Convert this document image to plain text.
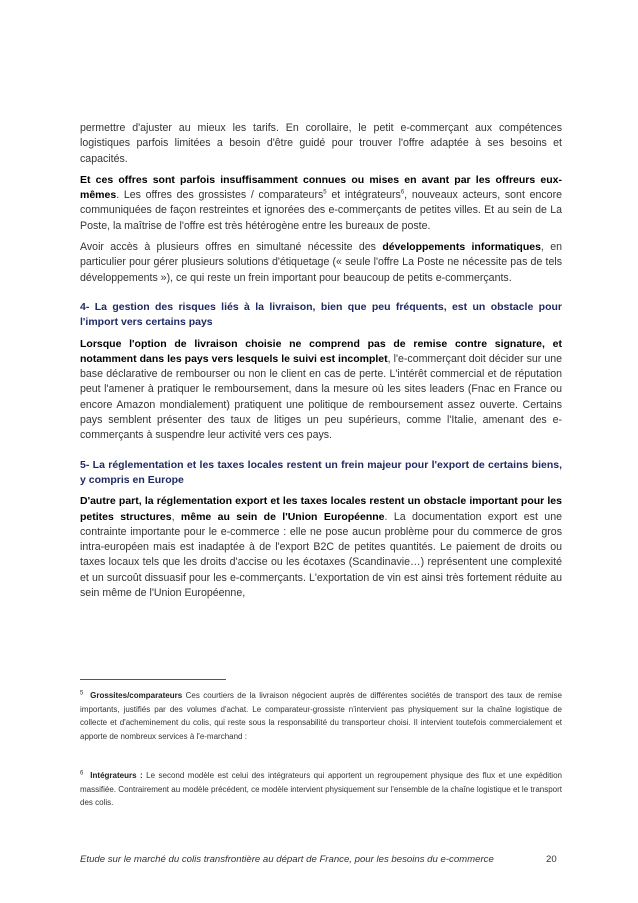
permettre d'ajuster au mieux les tarifs. En corollaire, le petit e-commerçant aux compétences logistiques parfois limitées a besoin d'être guidé pour trouver l'offre adaptée à ses besoins et capacités.

Et ces offres sont parfois insuffisamment connues ou mises en avant par les offreurs eux-mêmes. Les offres des grossistes / comparateurs$^5$ et intégrateurs$^6$, nouveaux acteurs, sont encore communiquées de façon restreintes et ignorées des e-commerçants de petites villes. Et au sein de La Poste, la maîtrise de l'offre est très hétérogène entre les bureaux de poste.

Avoir accès à plusieurs offres en simultané nécessite des développements informatiques, en particulier pour gérer plusieurs solutions d'étiquetage (« seule l'offre La Poste ne nécessite pas de tels développements »), ce qui reste un frein important pour beaucoup de petits e-commerçants.

4- La gestion des risques liés à la livraison, bien que peu fréquents, est un obstacle pour l'import vers certains pays

Lorsque l'option de livraison choisie ne comprend pas de remise contre signature, et notamment dans les pays vers lesquels le suivi est incomplet, l'e-commerçant doit décider sur une base déclarative de rembourser ou non le client en cas de perte. L'intérêt commercial et de réputation peut l'amener à pratiquer le remboursement, dans la mesure où les sites leaders (Fnac en France ou encore Amazon mondialement) pratiquent une politique de remboursement assez ouverte. Certains pays semblent présenter des taux de litiges un peu supérieurs, comme l'Italie, amenant des e-commerçants à suspendre leur activité vers ces pays.

5- La réglementation et les taxes locales restent un frein majeur pour l'export de certains biens, y compris en Europe

D'autre part, la réglementation export et les taxes locales restent un obstacle important pour les petites structures, même au sein de l'Union Européenne. La documentation export est une contrainte importante pour le e-commerce : elle ne pose aucun problème pour du commerce de gros intra-européen mais est inadaptée à de l'export B2C de petites quantités. Le paiement de droits ou taxes locaux tels que les droits d'accise ou les écotaxes (Scandinavie…) représentent une complexité et un surcoût dissuasif pour les e-commerçants. L'exportation de vin est ainsi très fortement réduite au sein même de l'Union Européenne,

$^5$ Grossites/comparateurs Ces courtiers de la livraison négocient auprès de différentes sociétés de transport des taux de remise importants, justifiés par des volumes d'achat. Le comparateur-grossiste n'intervient pas physiquement sur la chaîne logistique de collecte et d'acheminement du colis, qui reste sous la responsabilité du transporteur choisi. Il intervient toutefois commercialement et apporte de nombreux services à l'e-marchand :
$^6$ Intégrateurs : Le second modèle est celui des intégrateurs qui apportent un regroupement physique des flux et une expédition massifiée. Contrairement au modèle précédent, ce modèle intervient physiquement sur l'ensemble de la chaîne logistique et le transport des colis.
Etude sur le marché du colis transfrontière au départ de France, pour les besoins du e-commerce	20
